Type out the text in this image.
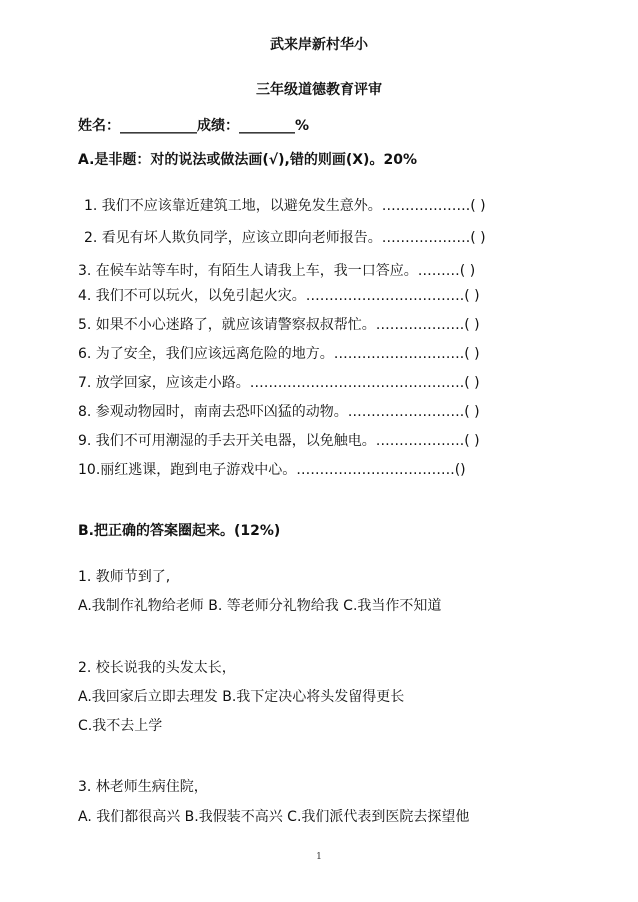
武来岸新村华小
三年级道德教育评审
姓名：___________成绩：________%
A.是非题：对的说法或做法画(√),错的则画(X)。20%
1. 我们不应该靠近建筑工地，以避免发生意外。……………….( )
2. 看见有坏人欺负同学，应该立即向老师报告。……………….( )
3. 在候车站等车时，有陌生人请我上车，我一口答应。………( )
4. 我们不可以玩火，以免引起火灾。…………………………….( )
5. 如果不小心迷路了，就应该请警察叔叔帮忙。……………….( )
6. 为了安全，我们应该远离危险的地方。……………………….( )
7. 放学回家，应该走小路。……………………………………….( )
8. 参观动物园时，南南去恐吓凶猛的动物。…………………….( )
9. 我们不可用潮湿的手去开关电器，以免触电。……………….( )
10.丽红逃课，跑到电子游戏中心。…………………………….()
B.把正确的答案圈起来。(12%)
1. 教师节到了,
A.我制作礼物给老师 B. 等老师分礼物给我 C.我当作不知道
2. 校长说我的头发太长，
A.我回家后立即去理发 B.我下定决心将头发留得更长
C.我不去上学
3. 林老师生病住院，
A. 我们都很高兴 B.我假装不高兴 C.我们派代表到医院去探望他
1
